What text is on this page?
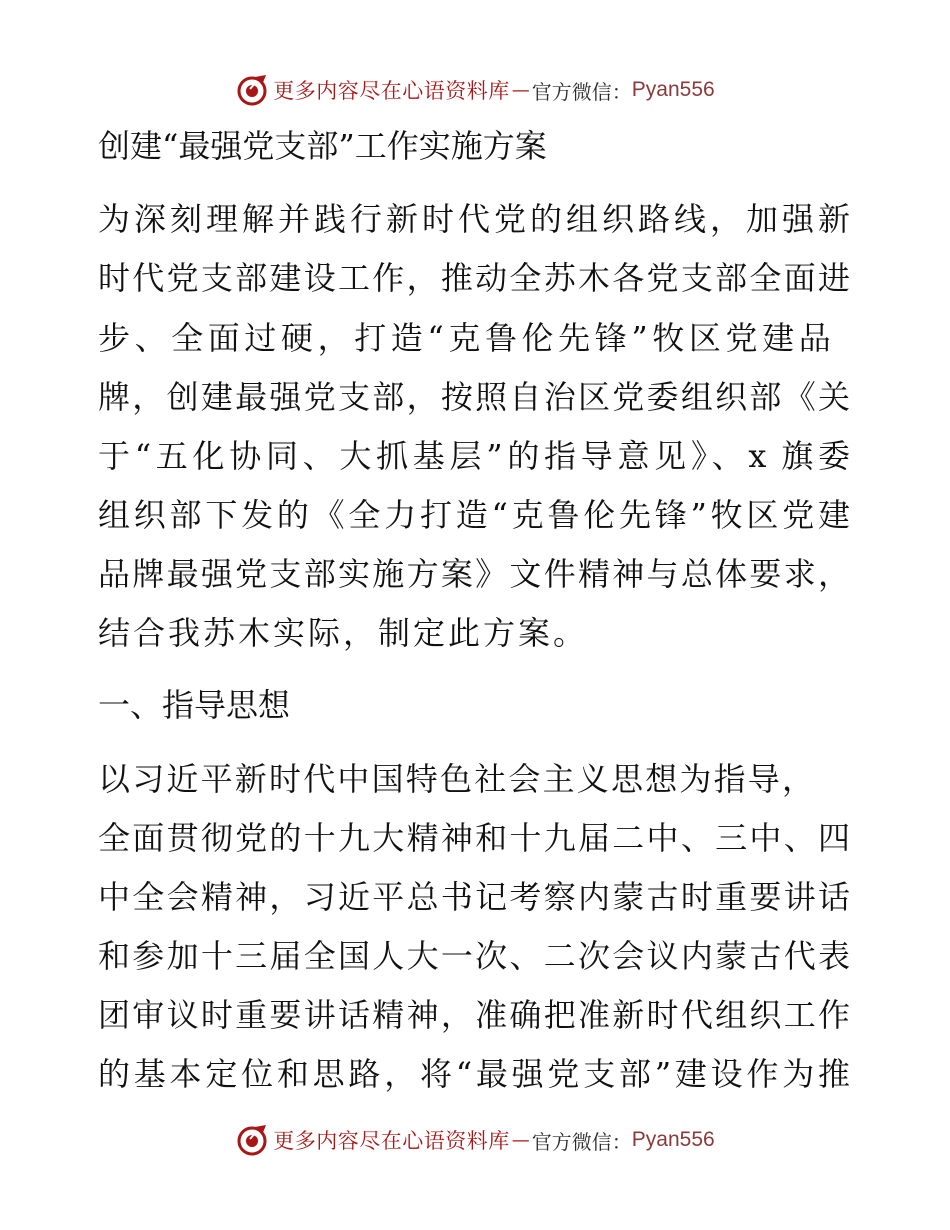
更多内容尽在心语资料库 — 官方微信： Pyan556
创建“最强党支部”工作实施方案
为深刻理解并践行新时代党的组织路线，加强新
时代党支部建设工作，推动全苏木各党支部全面进
步、全面过硬，打造“克鲁伦先锋”牧区党建品
牌，创建最强党支部，按照自治区党委组织部《关
于“五化协同、大抓基层”的指导意见》、x 旗委
组织部下发的《全力打造“克鲁伦先锋”牧区党建
品牌最强党支部实施方案》文件精神与总体要求，
结合我苏木实际，制定此方案。
一、指导思想
以习近平新时代中国特色社会主义思想为指导，
全面贯彻党的十九大精神和十九届二中、三中、四
中全会精神，习近平总书记考察内蒙古时重要讲话
和参加十三届全国人大一次、二次会议内蒙古代表
团审议时重要讲话精神，准确把准新时代组织工作
的基本定位和思路，将“最强党支部”建设作为推
更多内容尽在心语资料库 — 官方微信： Pyan556
